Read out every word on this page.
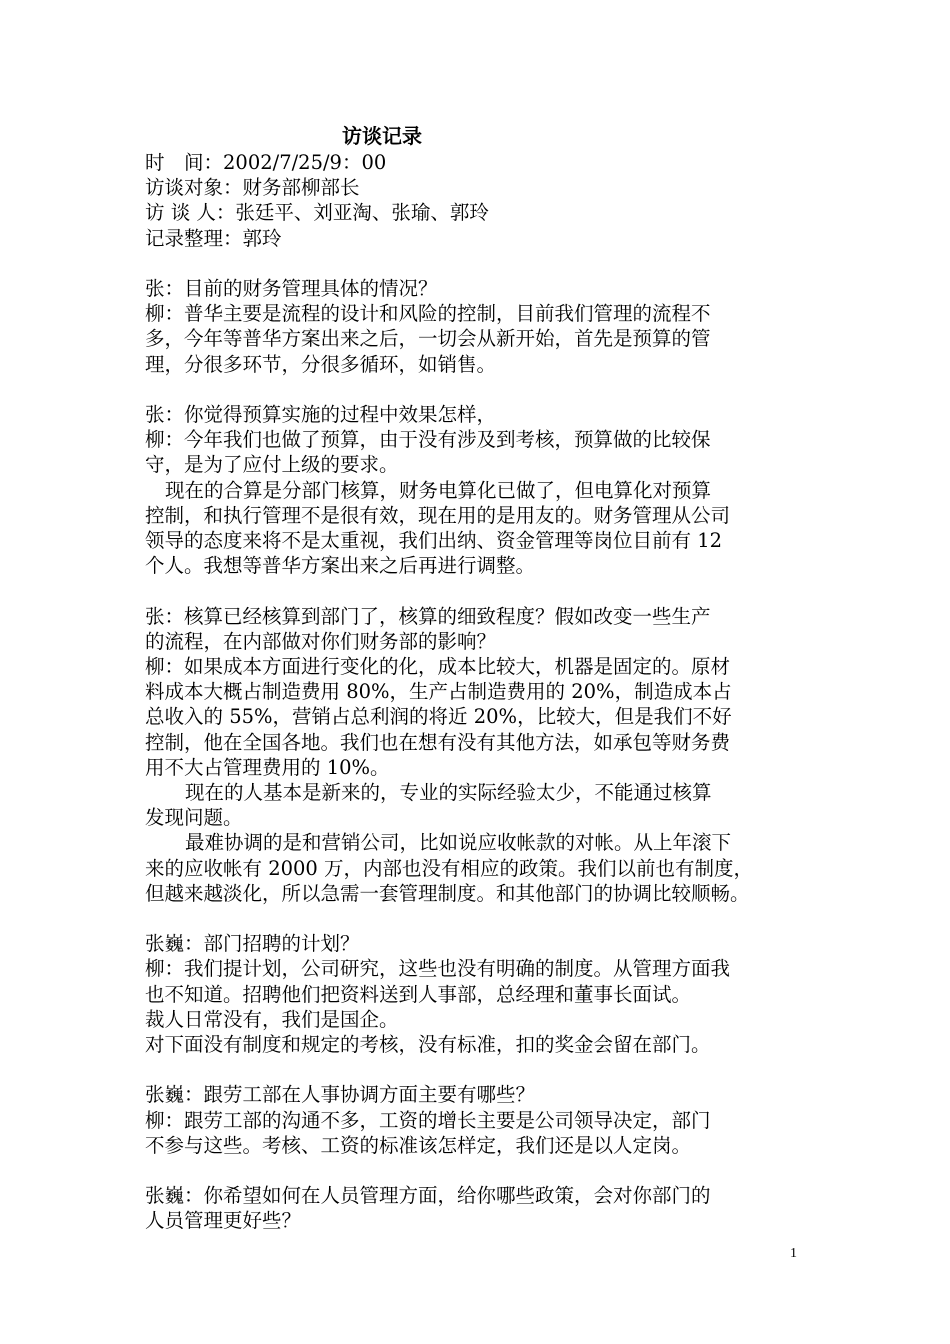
访谈记录
时　间：2002/7/25/9：00
访谈对象：财务部柳部长
访 谈 人：张廷平、刘亚淘、张瑜、郭玲
记录整理：郭玲
张：目前的财务管理具体的情况？
柳：普华主要是流程的设计和风险的控制，目前我们管理的流程不
多，今年等普华方案出来之后，一切会从新开始，首先是预算的管
理，分很多环节，分很多循环，如销售。
张：你觉得预算实施的过程中效果怎样，
柳：今年我们也做了预算，由于没有涉及到考核，预算做的比较保
守，是为了应付上级的要求。
现在的合算是分部门核算，财务电算化已做了，但电算化对预算
控制，和执行管理不是很有效，现在用的是用友的。财务管理从公司
领导的态度来将不是太重视，我们出纳、资金管理等岗位目前有 12
个人。我想等普华方案出来之后再进行调整。
张：核算已经核算到部门了，核算的细致程度？假如改变一些生产
的流程，在内部做对你们财务部的影响？
柳：如果成本方面进行变化的化，成本比较大，机器是固定的。原材
料成本大概占制造费用 80%，生产占制造费用的 20%，制造成本占
总收入的 55%，营销占总利润的将近 20%，比较大，但是我们不好
控制，他在全国各地。我们也在想有没有其他方法，如承包等财务费
用不大占管理费用的 10%。
现在的人基本是新来的，专业的实际经验太少，不能通过核算
发现问题。
最难协调的是和营销公司，比如说应收帐款的对帐。从上年滚下
来的应收帐有 2000 万，内部也没有相应的政策。我们以前也有制度，
但越来越淡化，所以急需一套管理制度。和其他部门的协调比较顺畅。
张巍：部门招聘的计划？
柳：我们提计划，公司研究，这些也没有明确的制度。从管理方面我
也不知道。招聘他们把资料送到人事部，总经理和董事长面试。
裁人日常没有，我们是国企。
对下面没有制度和规定的考核，没有标准，扣的奖金会留在部门。
张巍：跟劳工部在人事协调方面主要有哪些？
柳：跟劳工部的沟通不多，工资的增长主要是公司领导决定，部门
不参与这些。考核、工资的标准该怎样定，我们还是以人定岗。
张巍：你希望如何在人员管理方面，给你哪些政策，会对你部门的
人员管理更好些？
1
